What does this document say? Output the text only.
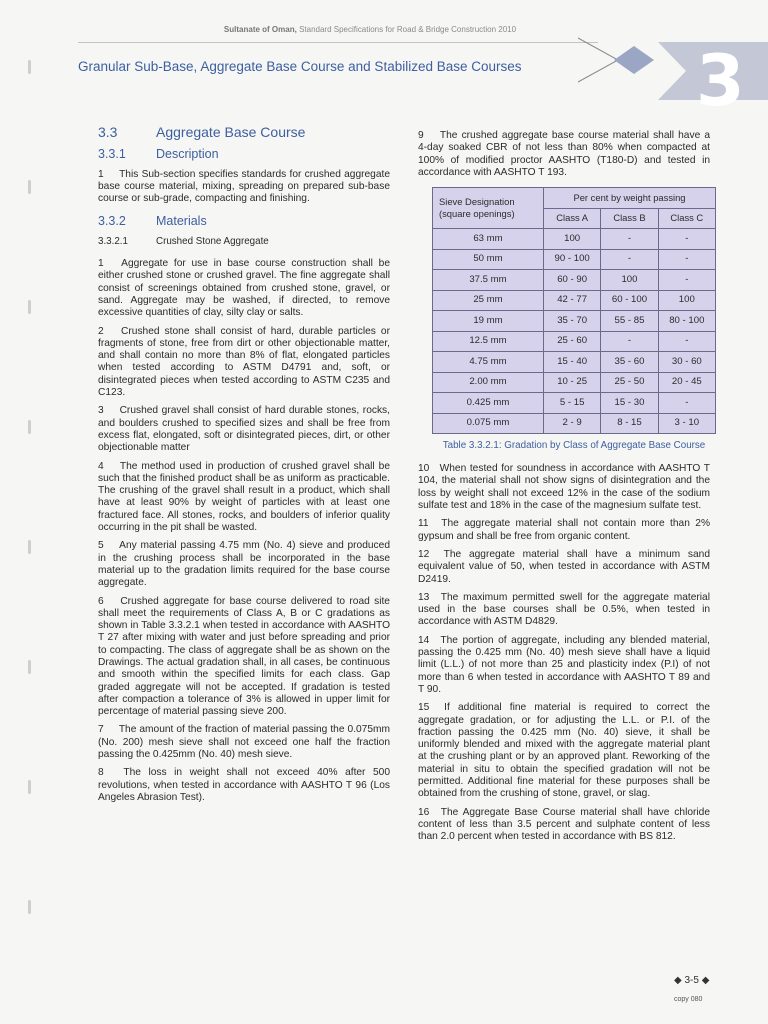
Sultanate of Oman, Standard Specifications for Road & Bridge Construction 2010
Granular Sub-Base, Aggregate Base Course and Stabilized Base Courses 3
3.3	Aggregate Base Course
3.3.1	Description

1 This Sub-section specifies standards for crushed aggregate base course material, mixing, spreading on prepared sub-base course or sub-grade, compacting and finishing.

3.3.2	Materials
3.3.2.1	Crushed Stone Aggregate

1 Aggregate for use in base course construction shall be either crushed stone or crushed gravel. The fine aggregate shall consist of screenings obtained from crushed stone, gravel, or sand. Aggregate may be washed, if directed, to remove excessive quantities of clay, silty clay or salts.

2 Crushed stone shall consist of hard, durable particles or fragments of stone, free from dirt or other objectionable matter, and shall contain no more than 8% of flat, elongated particles when tested according to ASTM D4791 and, soft, or disintegrated pieces when tested according to ASTM C235 and C123.

3 Crushed gravel shall consist of hard durable stones, rocks, and boulders crushed to specified sizes and shall be free from excess flat, elongated, soft or disintegrated pieces, dirt, or other objectionable matter

4 The method used in production of crushed gravel shall be such that the finished product shall be as uniform as practicable. The crushing of the gravel shall result in a product, which shall have at least 90% by weight of particles with at least one fractured face. All stones, rocks, and boulders of inferior quality occurring in the pit shall be wasted.

5 Any material passing 4.75 mm (No. 4) sieve and produced in the crushing process shall be incorporated in the base material up to the gradation limits required for the base course aggregate.

6 Crushed aggregate for base course delivered to road site shall meet the requirements of Class A, B or C gradations as shown in Table 3.3.2.1 when tested in accordance with AASHTO T 27 after mixing with water and just before spreading and prior to compacting. The class of aggregate shall be as shown on the Drawings. The actual gradation shall, in all cases, be continuous and smooth within the specified limits for each class. Gap graded aggregate will not be accepted. If gradation is tested after compaction a tolerance of 3% is allowed in upper limit for percentage of material passing sieve 200.

7 The amount of the fraction of material passing the 0.075mm (No. 200) mesh sieve shall not exceed one half the fraction passing the 0.425mm (No. 40) mesh sieve.

8 The loss in weight shall not exceed 40% after 500 revolutions, when tested in accordance with AASHTO T 96 (Los Angeles Abrasion Test).

9 The crushed aggregate base course material shall have a 4-day soaked CBR of not less than 80% when compacted at 100% of modified proctor AASHTO (T180-D) and tested in accordance with AASHTO T 193.

Sieve Designation (square openings)	Per cent by weight passing		
	Class A	Class B	Class C
63 mm	100	-	-
50 mm	90 - 100	-	-
37.5 mm	60 - 90	100	-
25 mm	42 - 77	60 - 100	100
19 mm	35 - 70	55 - 85	80 - 100
12.5 mm	25 - 60	-	-
4.75 mm	15 - 40	35 - 60	30 - 60
2.00 mm	10 - 25	25 - 50	20 - 45
0.425 mm	5 - 15	15 - 30	-
0.075 mm	2 - 9	8 - 15	3 - 10
Table 3.3.2.1: Gradation by Class of Aggregate Base Course

10 When tested for soundness in accordance with AASHTO T 104, the material shall not show signs of disintegration and the loss by weight shall not exceed 12% in the case of the sodium sulfate test and 18% in the case of the magnesium sulfate test.

11 The aggregate material shall not contain more than 2% gypsum and shall be free from organic content.

12 The aggregate material shall have a minimum sand equivalent value of 50, when tested in accordance with ASTM D2419.

13 The maximum permitted swell for the aggregate material used in the base courses shall be 0.5%, when tested in accordance with ASTM D4829.

14 The portion of aggregate, including any blended material, passing the 0.425 mm (No. 40) mesh sieve shall have a liquid limit (L.L.) of not more than 25 and plasticity index (P.I) of not more than 6 when tested in accordance with AASHTO T 89 and T 90.

15 If additional fine material is required to correct the aggregate gradation, or for adjusting the L.L. or P.I. of the fraction passing the 0.425 mm (No. 40) sieve, it shall be uniformly blended and mixed with the aggregate material plant at the crushing plant or by an approved plant. Reworking of the material in situ to obtain the specified gradation will not be permitted. Additional fine material for these purposes shall be obtained from the crushing of stone, gravel, or slag.

16 The Aggregate Base Course material shall have chloride content of less than 3.5 percent and sulphate content of less than 2.0 percent when tested in accordance with BS 812.

◆ 3-5 ◆
copy 080
